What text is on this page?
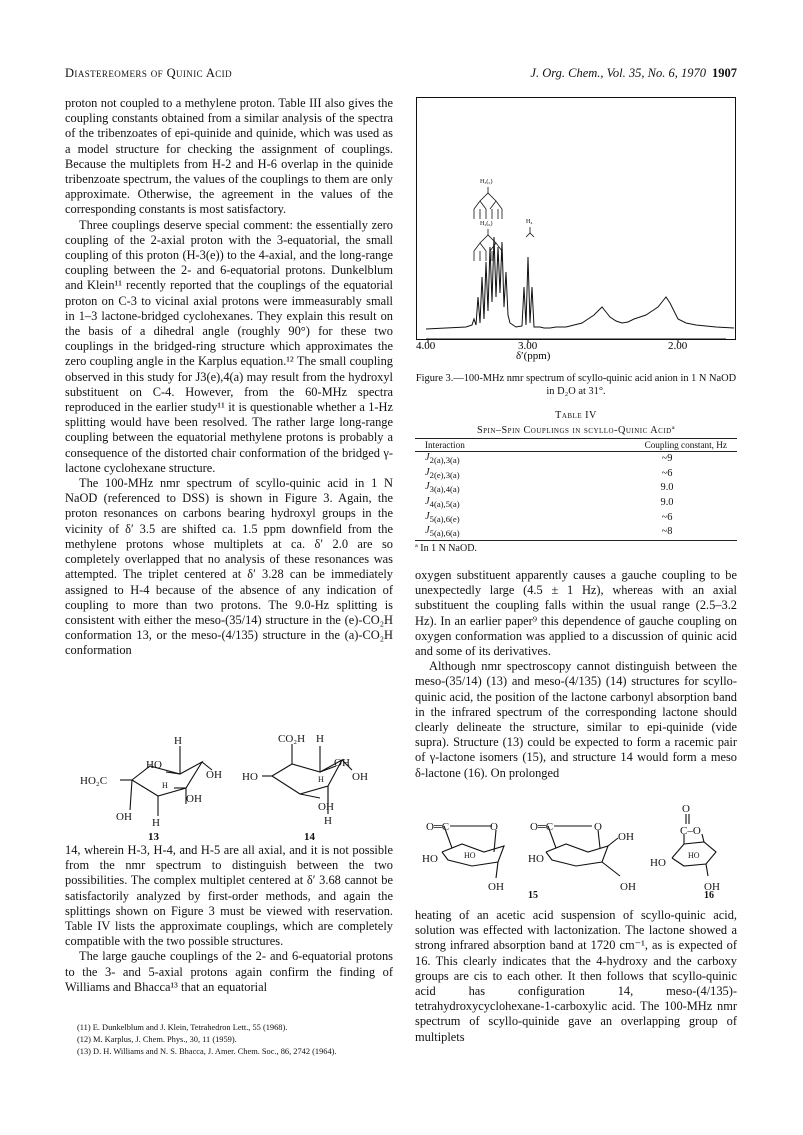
Diastereomers of Quinic Acid	J. Org. Chem., Vol. 35, No. 6, 1970 1907

proton not coupled to a methylene proton. Table III also gives the coupling constants obtained from a similar analysis of the spectra of the tribenzoates of epi-quinide and quinide, which was used as a model structure for checking the assignment of couplings. Because the multiplets from H-2 and H-6 overlap in the quinide tribenzoate spectrum, the values of the couplings to them are only approximate. Otherwise, the agreement in the values of the corresponding constants is most satisfactory.

Three couplings deserve special comment: the essentially zero coupling of the 2-axial proton with the 3-equatorial, the small coupling of this proton (H-3(e)) to the 4-axial, and the long-range coupling between the 2- and 6-equatorial protons. Dunkelblum and Klein¹¹ recently reported that the couplings of the equatorial proton on C-3 to vicinal axial protons were immeasurably small in 1–3 lactone-bridged cyclohexanes. They explain this result on the basis of a dihedral angle (roughly 90°) for these two couplings in the bridged-ring structure which approximates the zero coupling angle in the Karplus equation.¹² The small coupling observed in this study for J3(e),4(a) may result from the hydroxyl substituent on C-4. However, from the 60-MHz spectra reproduced in the earlier study¹¹ it is questionable whether a 1-Hz splitting would have been resolved. The rather large long-range coupling between the equatorial methylene protons is probably a consequence of the distorted chair conformation of the bridged γ-lactone cyclohexane structure.

The 100-MHz nmr spectrum of scyllo-quinic acid in 1 N NaOD (referenced to DSS) is shown in Figure 3. Again, the proton resonances on carbons bearing hydroxyl groups in the vicinity of δ′ 3.5 are shifted ca. 1.5 ppm downfield from the methylene protons whose multiplets at ca. δ′ 2.0 are so completely overlapped that no analysis of these resonances was attempted. The triplet centered at δ′ 3.28 can be immediately assigned to H-4 because of the absence of any indication of coupling to more than two protons. The 9.0-Hz splitting is consistent with either the meso-(35/14) structure in the (e)-CO₂H conformation 13, or the meso-(4/135) structure in the (a)-CO₂H conformation

H
HO
OH
HO₂C
OH
H
OH H
13
CO₂H H
OH
HO	OH
H
OH
H
14

14, wherein H-3, H-4, and H-5 are all axial, and it is not possible from the nmr spectrum to distinguish between the two possibilities. The complex multiplet centered at δ′ 3.68 cannot be satisfactorily analyzed by first-order methods, and again the splittings shown on Figure 3 must be viewed with reservation. Table IV lists the approximate couplings, which are completely compatible with the two possible structures.

The large gauche couplings of the 2- and 6-equatorial protons to the 3- and 5-axial protons again confirm the finding of Williams and Bhacca¹³ that an equatorial

(11) E. Dunkelblum and J. Klein, Tetrahedron Lett., 55 (1968).
(12) M. Karplus, J. Chem. Phys., 30, 11 (1959).
(13) D. H. Williams and N. S. Bhacca, J. Amer. Chem. Soc., 86, 2742 (1964).
4.00	3.00	2.00
δ′(ppm)
H₃(₅)
H₂(₆)	H₄
Figure 3.—100-MHz nmr spectrum of scyllo-quinic acid anion in 1 N NaOD in D₂O at 31°.
Table IV
Spin–Spin Couplings in scyllo-Quinic Acidª
Interaction	Coupling constant, Hz
$J_{2(a),3(a)}$	~9
$J_{2(e),3(a)}$	~6
$J_{3(a),4(a)}$	9.0
$J_{4(a),5(a)}$	9.0
$J_{5(a),6(e)}$	~6
$J_{5(a),6(a)}$	~8
ª In 1 N NaOD.

oxygen substituent apparently causes a gauche coupling to be unexpectedly large (4.5 ± 1 Hz), whereas with an axial substituent the coupling falls within the usual range (2.5–3.2 Hz). In an earlier paper⁹ this dependence of gauche coupling on oxygen conformation was applied to a discussion of quinic acid and some of its derivatives.

Although nmr spectroscopy cannot distinguish between the meso-(35/14) (13) and meso-(4/135) (14) structures for scyllo-quinic acid, the position of the lactone carbonyl absorption band in the infrared spectrum of the corresponding lactone should clearly delineate the structure, similar to epi-quinide (vide supra). Structure (13) could be expected to form a racemic pair of γ-lactone isomers (15), and structure 14 would form a meso δ-lactone (16). On prolonged

O═C	O
HO	HO
OH
O═C	O
OH
HO
OH
O
C–O
HO
HO
OH
15	16

heating of an acetic acid suspension of scyllo-quinic acid, solution was effected with lactonization. The lactone showed a strong infrared absorption band at 1720 cm⁻¹, as is expected of 16. This clearly indicates that the 4-hydroxy and the carboxy groups are cis to each other. It then follows that scyllo-quinic acid has configuration 14, meso-(4/135)-tetrahydroxycyclohexane-1-carboxylic acid. The 100-MHz nmr spectrum of scyllo-quinide gave an overlapping group of multiplets
